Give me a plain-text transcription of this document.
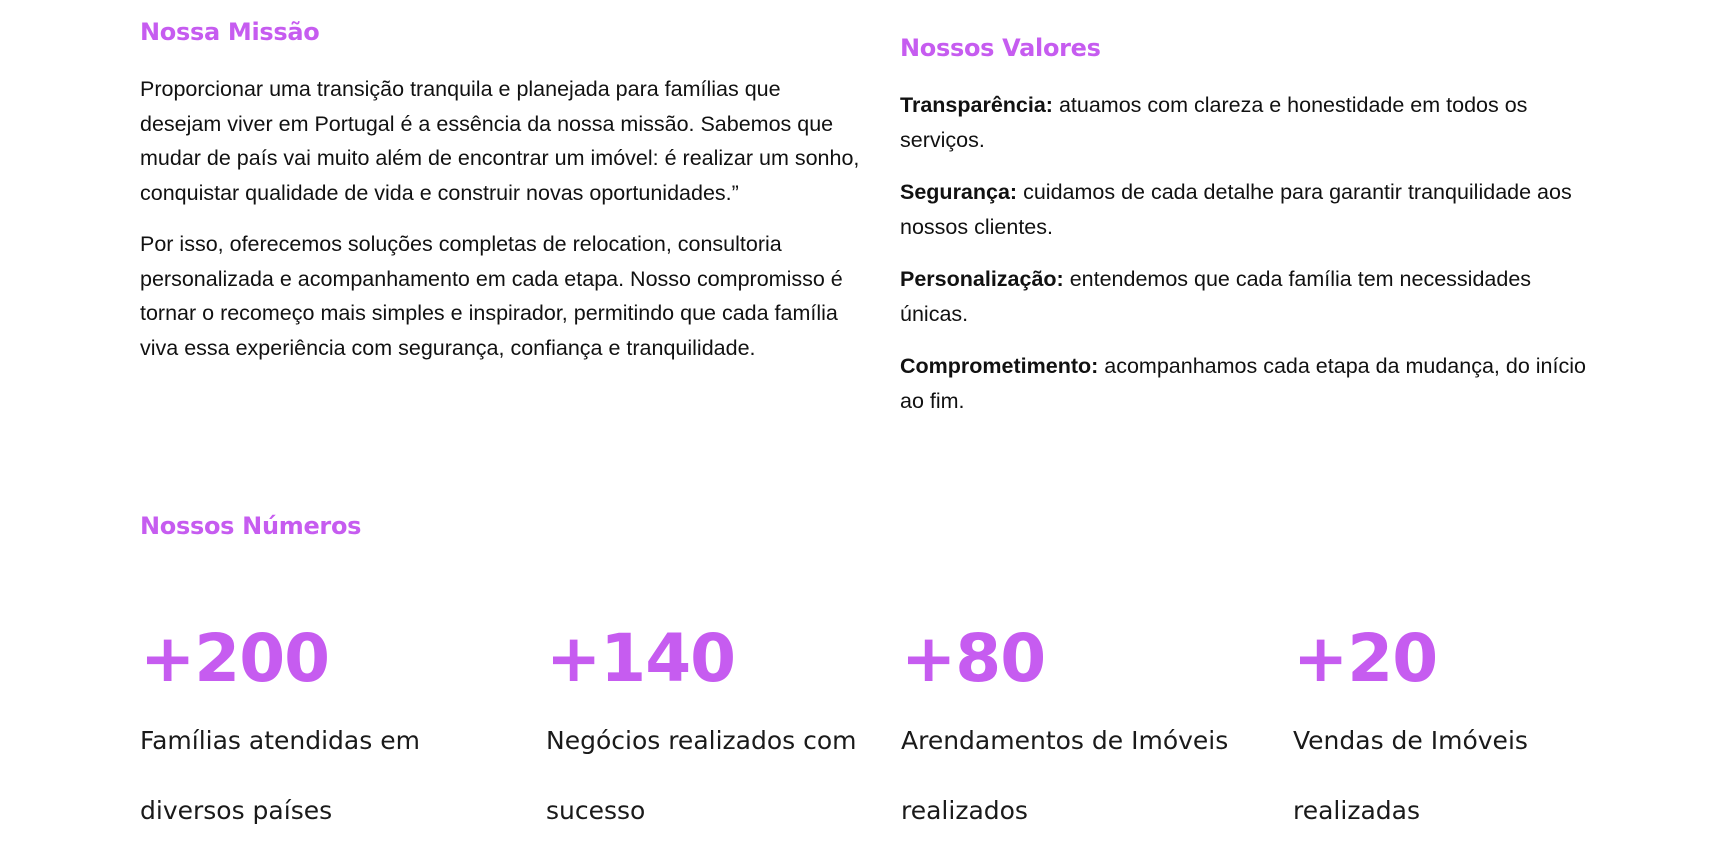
Nossa Missão

Proporcionar uma transição tranquila e planejada para famílias que desejam viver em Portugal é a essência da nossa missão. Sabemos que mudar de país vai muito além de encontrar um imóvel: é realizar um sonho, conquistar qualidade de vida e construir novas oportunidades.”

Por isso, oferecemos soluções completas de relocation, consultoria personalizada e acompanhamento em cada etapa. Nosso compromisso é tornar o recomeço mais simples e inspirador, permitindo que cada família viva essa experiência com segurança, confiança e tranquilidade.

Nossos Valores

Transparência: atuamos com clareza e honestidade em todos os serviços.

Segurança: cuidamos de cada detalhe para garantir tranquilidade aos nossos clientes.

Personalização: entendemos que cada família tem necessidades únicas.

Comprometimento: acompanhamos cada etapa da mudança, do início ao fim.

Nossos Números
+200
Famílias atendidas em
diversos países
+140
Negócios realizados com
sucesso
+80
Arendamentos de Imóveis
realizados
+20
Vendas de Imóveis
realizadas
